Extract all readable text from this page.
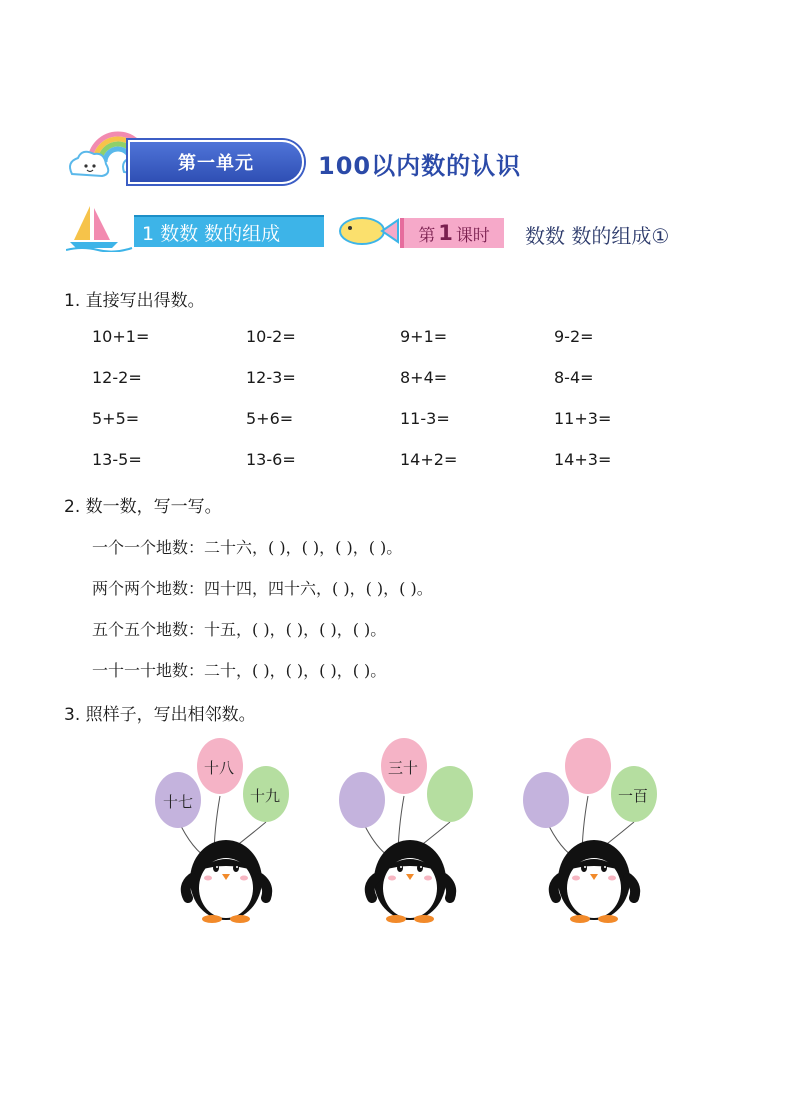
第一单元	100以内数的认识
1 数数 数的组成	第 1 课时 数数 数的组成①
1. 直接写出得数。
10+1=	10-2=	9+1=	9-2=
12-2=	12-3=	8+4=	8-4=
5+5=	5+6=	11-3=	11+3=
13-5=	13-6=	14+2=	14+3=
2. 数一数，写一写。
一个一个地数：二十六，( )，( )，( )，( )。
两个两个地数：四十四，四十六，( )，( )，( )。
五个五个地数：十五，( )，( )，( )，( )。
一十一十地数：二十，( )，( )，( )，( )。
3. 照样子，写出相邻数。
十七
十八
十九
三十
一百
